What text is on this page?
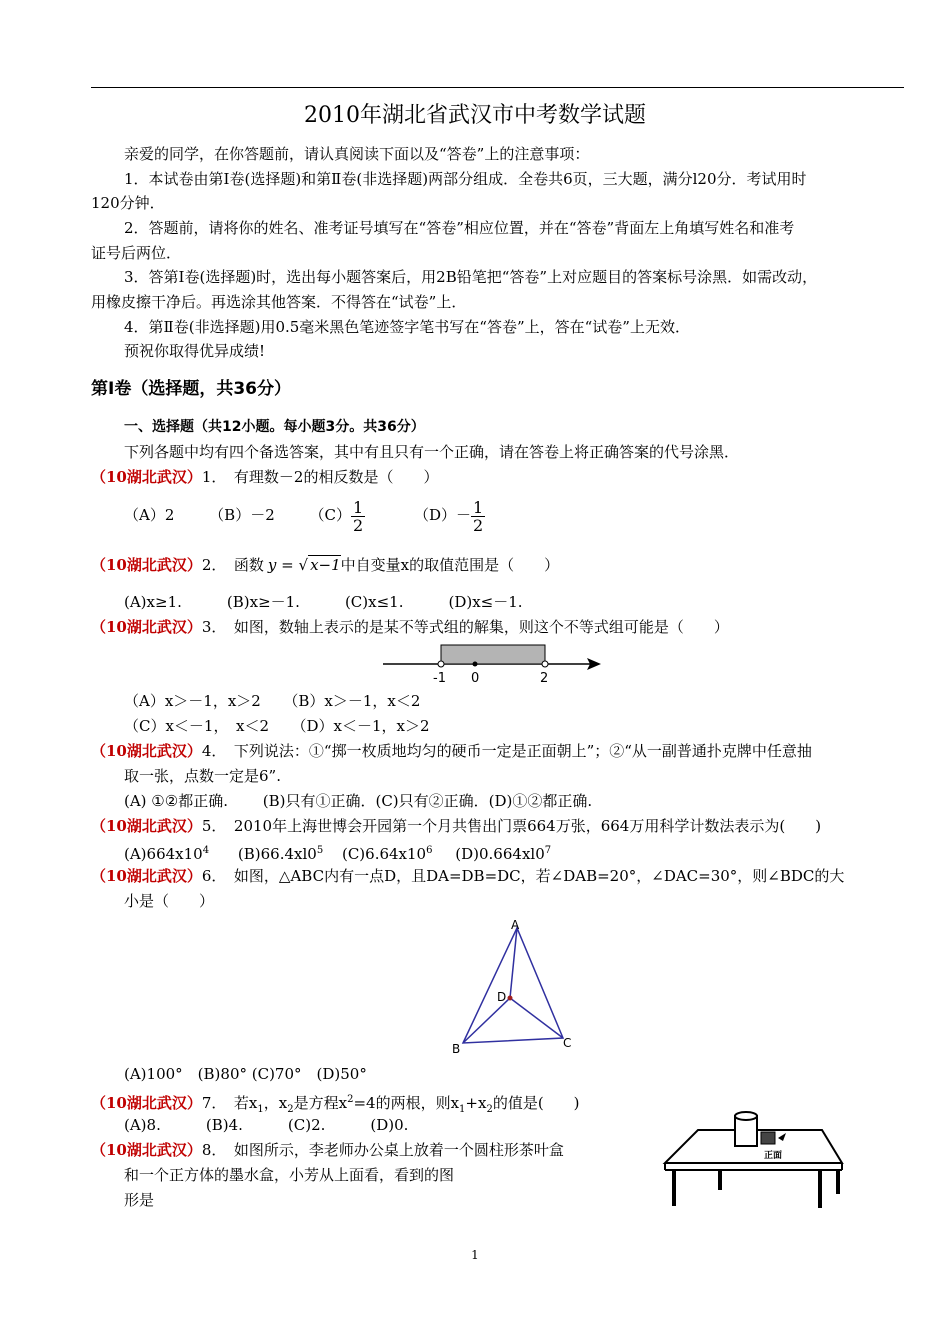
2010年湖北省武汉市中考数学试题
亲爱的同学，在你答题前，请认真阅读下面以及“答卷”上的注意事项：
1．本试卷由第Ⅰ卷(选择题)和第Ⅱ卷(非选择题)两部分组成．全卷共6页，三大题，满分l20分．考试用时
120分钟．
2．答题前，请将你的姓名、准考证号填写在“答卷”相应位置，并在“答卷”背面左上角填写姓名和准考
证号后两位．
3．答第Ⅰ卷(选择题)时，选出每小题答案后，用2B铅笔把“答卷”上对应题目的答案标号涂黑．如需改动，
用橡皮擦干净后。再选涂其他答案．不得答在“试卷”上．
4．第Ⅱ卷(非选择题)用0.5毫米黑色笔迹签字笔书写在“答卷”上，答在“试卷”上无效．
预祝你取得优异成绩!
第Ⅰ卷（选择题，共36分）
一、选择题（共12小题。每小题3分。共36分）
下列各题中均有四个备选答案，其中有且只有一个正确，请在答卷上将正确答案的代号涂黑．
（10湖北武汉）1．　有理数－2的相反数是（　　）
（A）2 （B）－2 $(C) \frac{1}{2}$	$(D)- \frac{1}{2}$
（10湖北武汉）2．　函数 y = √ x−1中自变量x的取值范围是（　　）
(A)x≥1.　　　(B)x≥－1.　　　(C)x≤1.　　　(D)x≤－1.
（10湖北武汉）3．　如图，数轴上表示的是某不等式组的解集，则这个不等式组可能是（　　）
-1 0	2
（A）x＞－1，x＞2　　（B）x＞－1，x＜2
（C）x＜－1，　x＜2　　（D）x＜－1，x＞2
（10湖北武汉）4．　下列说法：①“掷一枚质地均匀的硬币一定是正面朝上”；②“从一副普通扑克牌中任意抽
取一张，点数一定是6”.
(A) ①②都正确.　　 (B)只有①正确．(C)只有②正确．(D)①②都正确.
（10湖北武汉）5．　2010年上海世博会开园第一个月共售出门票664万张，664万用科学计数法表示为(　　)
$(A)664x10^4$ $(B)66.4xl0^5$ $(C)6.64x10^6$ $(D)0.664xl0^7$
（10湖北武汉）6．　如图，△ABC内有一点D，且DA=DB=DC，若∠DAB=20°，∠DAC=30°，则∠BDC的大
小是（　　）
A
B	C
D
(A)100°　(B)80° (C)70°　(D)50°
（10湖北武汉）7．　若$x_1$，$x_2$是方程$x^2=4$的两根，则$x_1+x_2$的值是(　　)
(A)8.　　　(B)4.　　　(C)2.　　　(D)0.
（10湖北武汉）8．　如图所示，李老师办公桌上放着一个圆柱形茶叶盒
和一个正方体的墨水盒，小芳从上面看，看到的图
形是
正面
1
